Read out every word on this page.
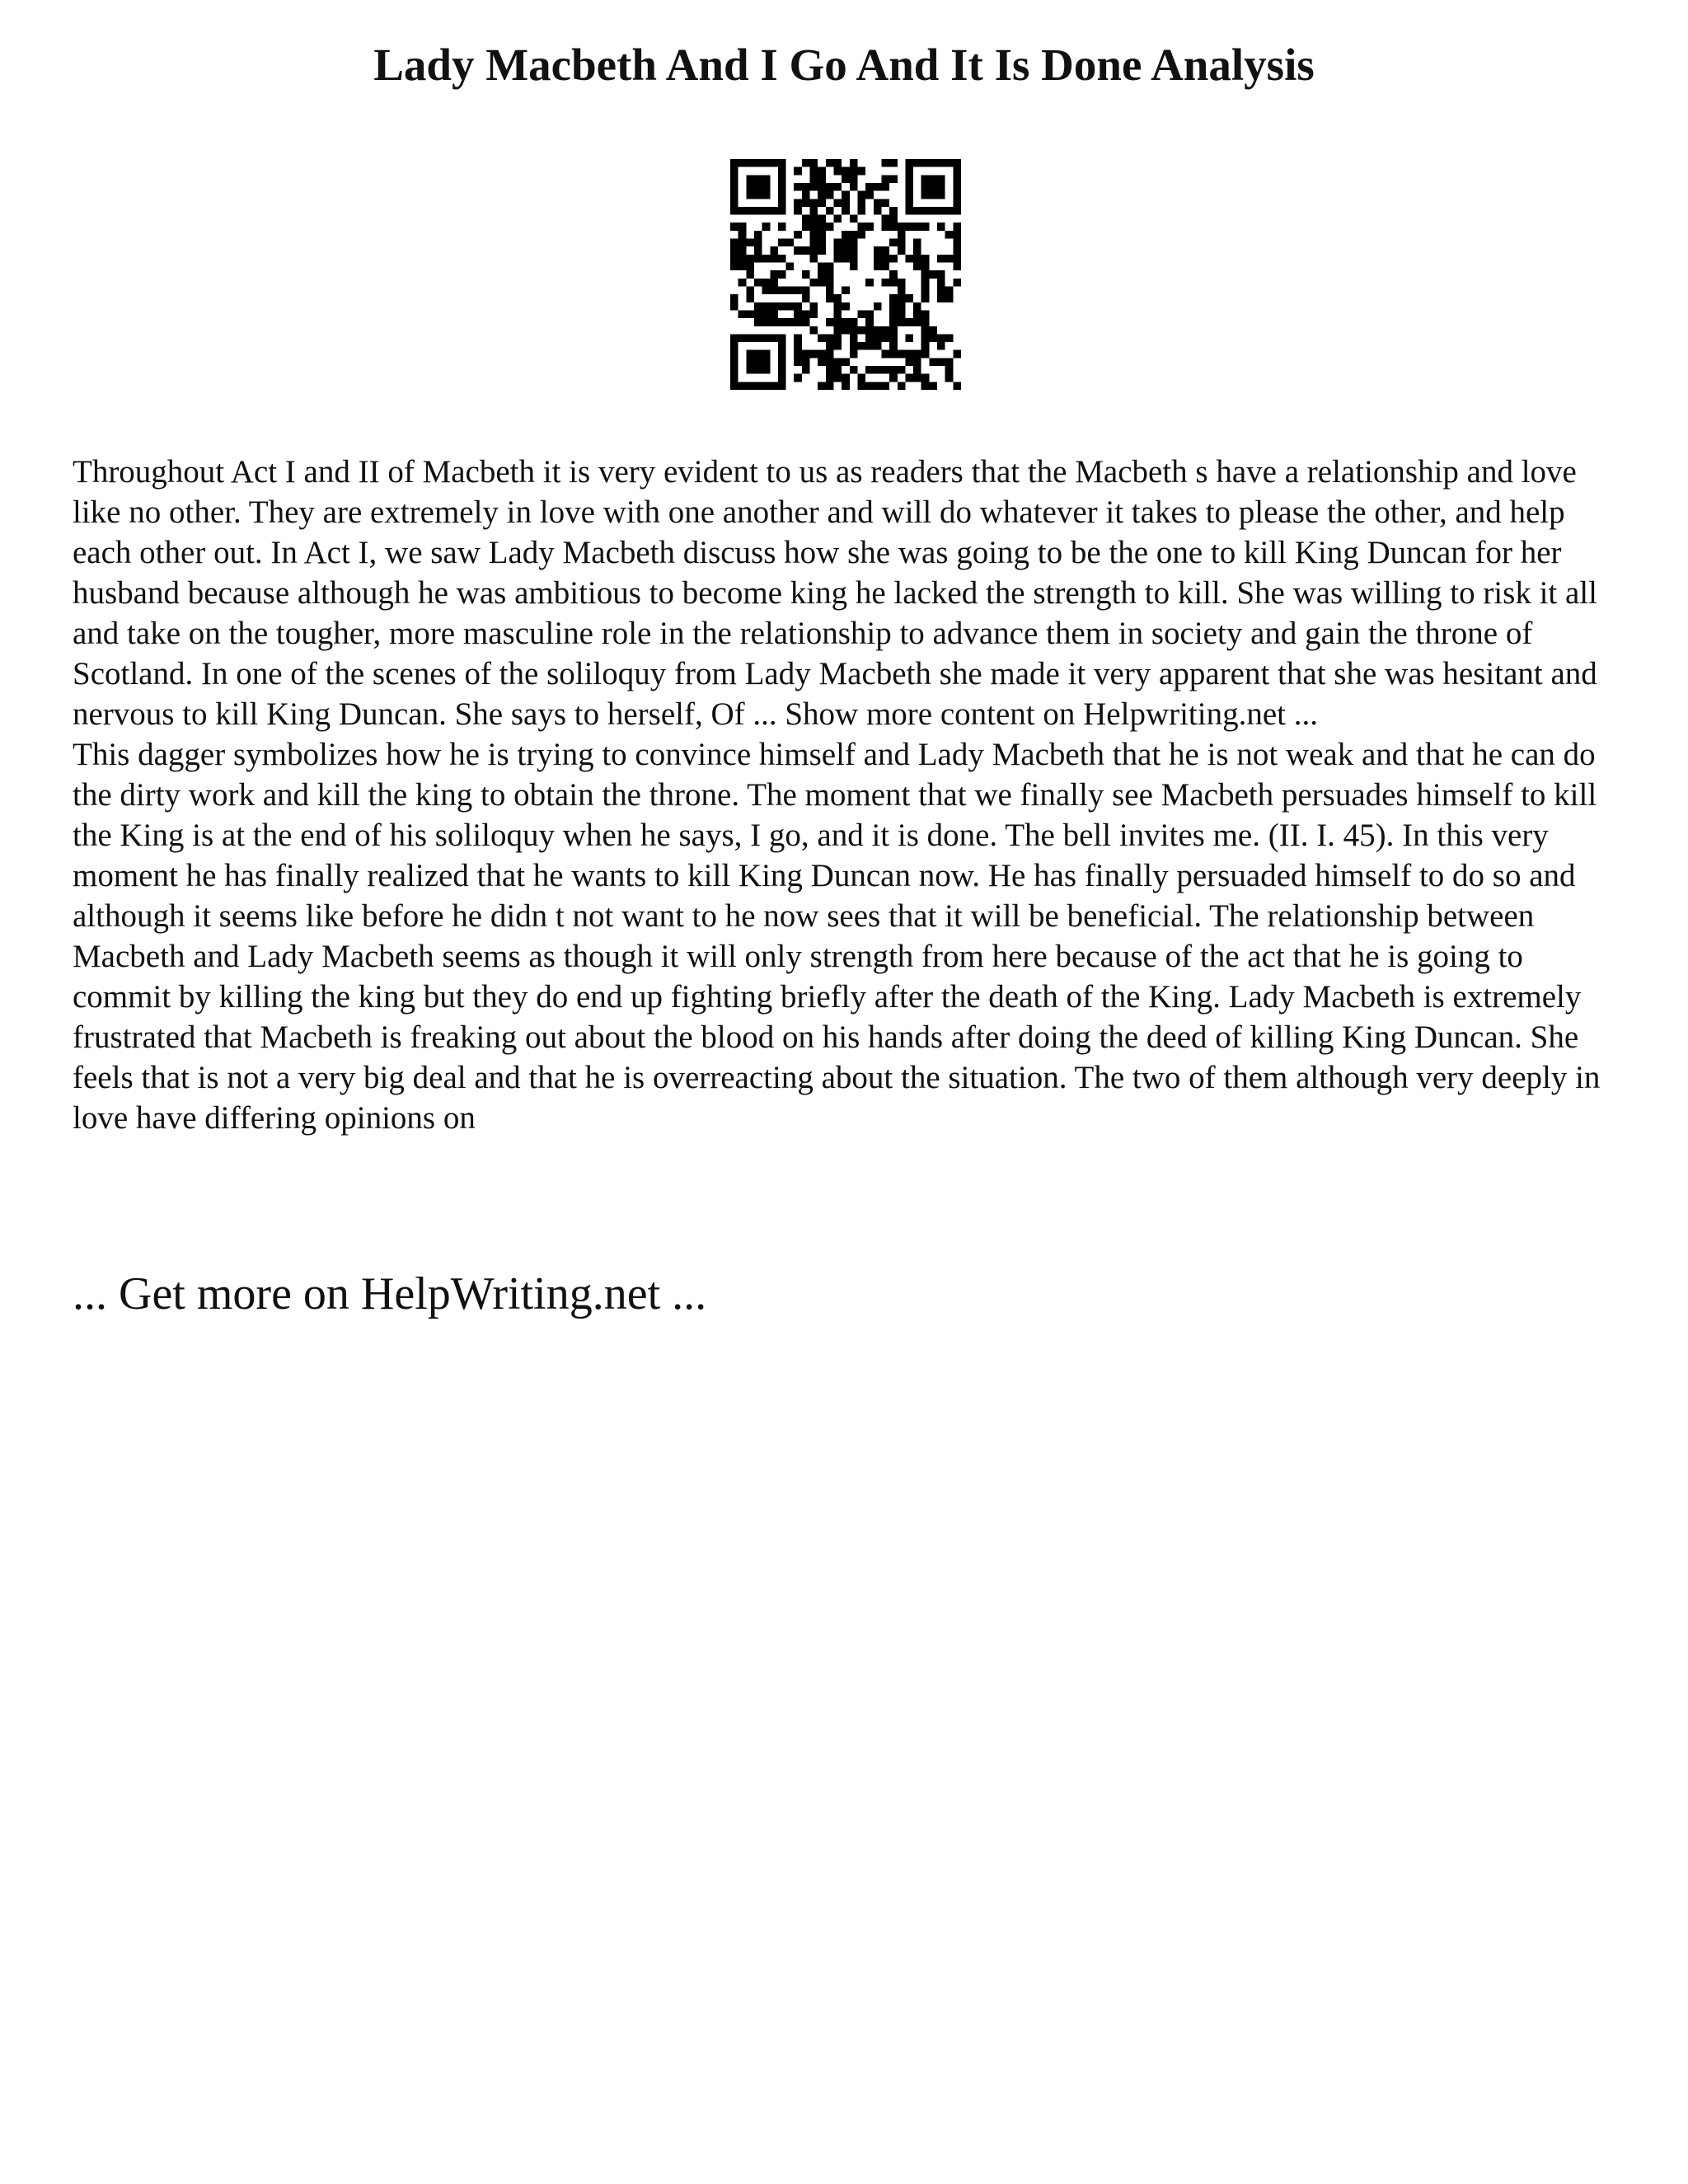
Lady Macbeth And I Go And It Is Done Analysis

Throughout Act I and II of Macbeth it is very evident to us as readers that the Macbeth s have a relationship and love like no other. They are extremely in love with one another and will do whatever it takes to please the other, and help each other out. In Act I, we saw Lady Macbeth discuss how she was going to be the one to kill King Duncan for her husband because although he was ambitious to become king he lacked the strength to kill. She was willing to risk it all and take on the tougher, more masculine role in the relationship to advance them in society and gain the throne of Scotland. In one of the scenes of the soliloquy from Lady Macbeth she made it very apparent that she was hesitant and nervous to kill King Duncan. She says to herself, Of ... Show more content on Helpwriting.net ...

This dagger symbolizes how he is trying to convince himself and Lady Macbeth that he is not weak and that he can do the dirty work and kill the king to obtain the throne. The moment that we finally see Macbeth persuades himself to kill the King is at the end of his soliloquy when he says, I go, and it is done. The bell invites me. (II. I. 45). In this very moment he has finally realized that he wants to kill King Duncan now. He has finally persuaded himself to do so and although it seems like before he didn t not want to he now sees that it will be beneficial. The relationship between Macbeth and Lady Macbeth seems as though it will only strength from here because of the act that he is going to commit by killing the king but they do end up fighting briefly after the death of the King. Lady Macbeth is extremely frustrated that Macbeth is freaking out about the blood on his hands after doing the deed of killing King Duncan. She feels that is not a very big deal and that he is overreacting about the situation. The two of them although very deeply in love have differing opinions on

... Get more on HelpWriting.net ...
